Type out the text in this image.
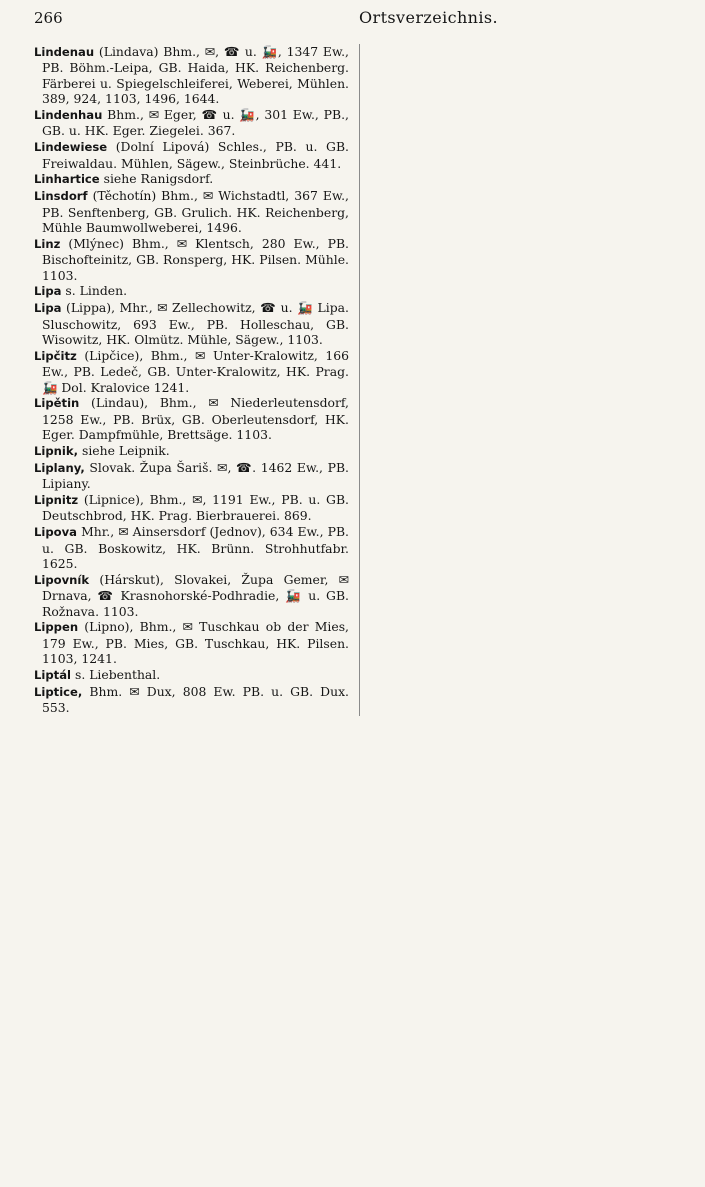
266	Ortsverzeichnis.
Lindenau (Lindava) Bhm., ✉, ☎ u. 🚂, 1347 Ew., PB. Böhm.-Leipa, GB. Haida, HK. Reichenberg. Färberei u. Spiegelschleiferei, Weberei, Mühlen. 389, 924, 1103, 1496, 1644.
Lindenhau Bhm., ✉ Eger, ☎ u. 🚂, 301 Ew., PB., GB. u. HK. Eger. Ziegelei. 367.
Lindewiese (Dolní Lipová) Schles., PB. u. GB. Freiwaldau. Mühlen, Sägew., Steinbrüche. 441.
Linhartice siehe Ranigsdorf.
Linsdorf (Těchotín) Bhm., ✉ Wichstadtl, 367 Ew., PB. Senftenberg, GB. Grulich. HK. Reichenberg, Mühle Baumwollweberei, 1496.
Linz (Mlýnec) Bhm., ✉ Klentsch, 280 Ew., PB. Bischofteinitz, GB. Ronsperg, HK. Pilsen. Mühle. 1103.
Lipa s. Linden.
Lipa (Lippa), Mhr., ✉ Zellechowitz, ☎ u. 🚂 Lipa. Sluschowitz, 693 Ew., PB. Holleschau, GB. Wisowitz, HK. Olmütz. Mühle, Sägew., 1103.
Lipčitz (Lipčice), Bhm., ✉ Unter-Kralowitz, 166 Ew., PB. Ledeč, GB. Unter-Kralowitz, HK. Prag. 🚂 Dol. Kralovice 1241.
Lipětin (Lindau), Bhm., ✉ Niederleutensdorf, 1258 Ew., PB. Brüx, GB. Oberleutensdorf, HK. Eger. Dampfmühle, Brettsäge. 1103.
Lipnik, siehe Leipnik.
Liplany, Slovak. Župa Šariš. ✉, ☎. 1462 Ew., PB. Lipiany.
Lipnitz (Lipnice), Bhm., ✉, 1191 Ew., PB. u. GB. Deutschbrod, HK. Prag. Bierbrauerei. 869.
Lipova Mhr., ✉ Ainsersdorf (Jednov), 634 Ew., PB. u. GB. Boskowitz, HK. Brünn. Strohhutfabr. 1625.
Lipovník (Hárskut), Slovakei, Župa Gemer, ✉ Drnava, ☎ Krasnohorské-Podhradie, 🚂 u. GB. Rožnava. 1103.
Lippen (Lipno), Bhm., ✉ Tuschkau ob der Mies, 179 Ew., PB. Mies, GB. Tuschkau, HK. Pilsen. 1103, 1241.
Liptál s. Liebenthal.
Liptice, Bhm. ✉ Dux, 808 Ew. PB. u. GB. Dux. 553.
